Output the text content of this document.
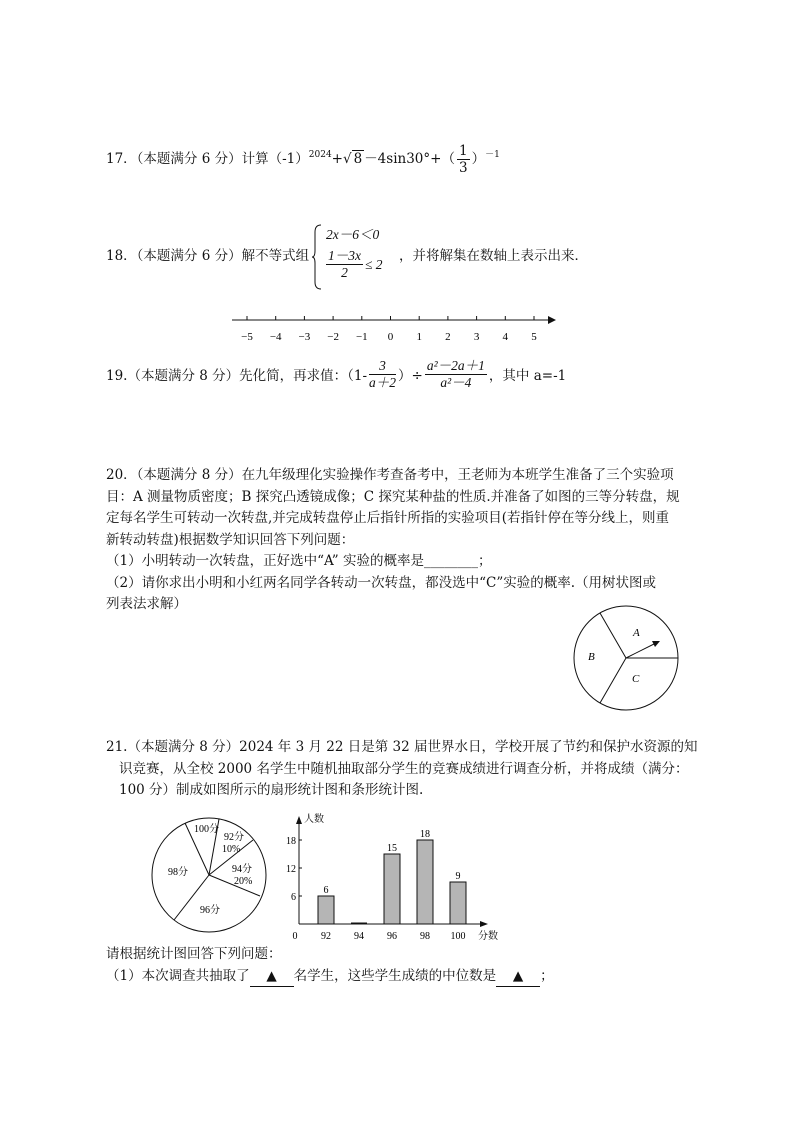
17．（本题满分 6 分）计算$(-1)^{2024}+√$ $8 -4\sin 30^\circ+( \frac{1}{3} )^{-1}$
18．（本题满分 6 分）解不等式组
2x－6＜0
$\frac{1-3x}{2} \le 2$ ，并将解集在数轴上表示出来．
−5 −4 −3 −2 −1 0 1 2 3 4 5
19.（本题满分 8 分）先化简，再求值：（$1- \frac{3}{a+2}$ ）÷ $\frac{\text{a²－2a＋1}}{\text{a²－4}}$ ，其中 a=-1
20．（本题满分 8 分）在九年级理化实验操作考查备考中，王老师为本班学生准备了三个实验项
目：A 测量物质密度；B 探究凸透镜成像；C 探究某种盐的性质.并准备了如图的三等分转盘，规
定每名学生可转动一次转盘,并完成转盘停止后指针所指的实验项目(若指针停在等分线上，则重
新转动转盘)根据数学知识回答下列问题：
（1）小明转动一次转盘，正好选中“A” 实验的概率是________；
（2）请你求出小明和小红两名同学各转动一次转盘，都没选中“C”实验的概率.（用树状图或
列表法求解）
A
B
C
21.（本题满分 8 分）2024 年 3 月 22 日是第 32 届世界水日，学校开展了节约和保护水资源的知
识竞赛，从全校 2000 名学生中随机抽取部分学生的竞赛成绩进行调查分析，并将成绩（满分：
100 分）制成如图所示的扇形统计图和条形统计图.
100分
92分
10%
94分
20%
98分
96分
人数
分数
0
6
12
18
92 94 96 98 100
6
15
18
9
请根据统计图回答下列问题：
（1）本次调查共抽取了 ▲ 名学生，这些学生成绩的中位数是 ▲ ；
